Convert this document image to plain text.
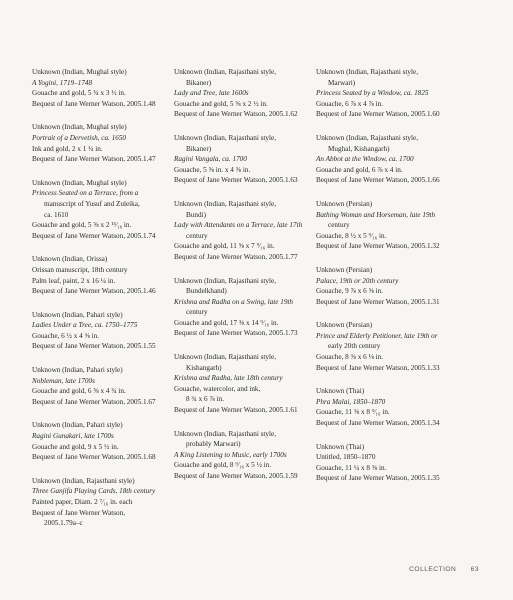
Unknown (Indian, Mughal style)
A Yogini, 1719–1748
Gouache and gold, 5 ¾ x 3 ½ in.
Bequest of Jane Werner Watson, 2005.1.48
Unknown (Indian, Mughal style)
Portrait of a Dervetish, ca. 1650
Ink and gold, 2 x 1 ¾ in.
Bequest of Jane Werner Watson, 2005.1.47
Unknown (Indian, Mughal style)
Princess Seated on a Terrace, from a
manuscript of Yusuf and Zuleika,
ca. 1610
Gouache and gold, 5 ⅝ x 2 ¹⁵⁄₁₆ in.
Bequest of Jane Werner Watson, 2005.1.74
Unknown (Indian, Orissa)
Orissan manuscript, 18th century
Palm leaf, paint, 2 x 16 ¼ in.
Bequest of Jane Werner Watson, 2005.1.46
Unknown (Indian, Pahari style)
Ladies Under a Tree, ca. 1750–1775
Gouache, 6 ½ x 4 ⅜ in.
Bequest of Jane Werner Watson, 2005.1.55
Unknown (Indian, Pahari style)
Nobleman, late 1700s
Gouache and gold, 6 ⅝ x 4 ¾ in.
Bequest of Jane Werner Watson, 2005.1.67
Unknown (Indian, Pahari style)
Ragini Gunakari, late 1700s
Gouache and gold, 9 x 5 ½ in.
Bequest of Jane Werner Watson, 2005.1.68
Unknown (Indian, Rajasthani style)
Three Ganjifa Playing Cards, 18th century
Painted paper, Diam. 2 ⁷⁄₁₆ in. each
Bequest of Jane Werner Watson,
2005.1.79a–c
Unknown (Indian, Rajasthani style,
Bikaner)
Lady and Tree, late 1600s
Gouache and gold, 5 ⅝ x 2 ½ in.
Bequest of Jane Werner Watson, 2005.1.62
Unknown (Indian, Rajasthani style,
Bikaner)
Ragini Vangala, ca. 1700
Gouache, 5 ⅝ in. x 4 ⅜ in.
Bequest of Jane Werner Watson, 2005.1.63
Unknown (Indian, Rajasthani style,
Bundi)
Lady with Attendants on a Terrace, late 17th
century
Gouache and gold, 11 ⅝ x 7 ⁹⁄₁₆ in.
Bequest of Jane Werner Watson, 2005.1.77
Unknown (Indian, Rajasthani style,
Bundelkhand)
Krishna and Radha on a Swing, late 19th
century
Gouache and gold, 17 ⅜ x 14 ⁹⁄₁₆ in.
Bequest of Jane Werner Watson, 2005.1.73
Unknown (Indian, Rajasthani style,
Kishangarh)
Krishna and Radha, late 18th century
Gouache, watercolor, and ink,
8 ¾ x 6 ⅞ in.
Bequest of Jane Werner Watson, 2005.1.61
Unknown (Indian, Rajasthani style,
probably Marwari)
A King Listening to Music, early 1700s
Gouache and gold, 8 ⁹⁄₁₆ x 5 ½ in.
Bequest of Jane Werner Watson, 2005.1.59
Unknown (Indian, Rajasthani style,
Marwari)
Princess Seated by a Window, ca. 1825
Gouache, 6 ⅞ x 4 ⅞ in.
Bequest of Jane Werner Watson, 2005.1.60
Unknown (Indian, Rajasthani style,
Mughal, Kishangarh)
An Abbot at the Window, ca. 1700
Gouache and gold, 6 ⅞ x 4 in.
Bequest of Jane Werner Watson, 2005.1.66
Unknown (Persian)
Bathing Woman and Horseman, late 19th
century
Gouache, 8 ½ x 5 ⁹⁄₁₆ in.
Bequest of Jane Werner Watson, 2005.1.32
Unknown (Persian)
Palace, 19th or 20th century
Gouache, 9 ⅞ x 6 ⅝ in.
Bequest of Jane Werner Watson, 2005.1.31
Unknown (Persian)
Prince and Elderly Petitioner, late 19th or
early 20th century
Gouache, 8 ⅜ x 6 ⅛ in.
Bequest of Jane Werner Watson, 2005.1.33
Unknown (Thai)
Phra Malai, 1850–1870
Gouache, 11 ⅝ x 8 ⁹⁄₁₆ in.
Bequest of Jane Werner Watson, 2005.1.34
Unknown (Thai)
Untitled, 1850–1870
Gouache, 11 ¼ x 8 ⅝ in.
Bequest of Jane Werner Watson, 2005.1.35
COLLECTION 63
